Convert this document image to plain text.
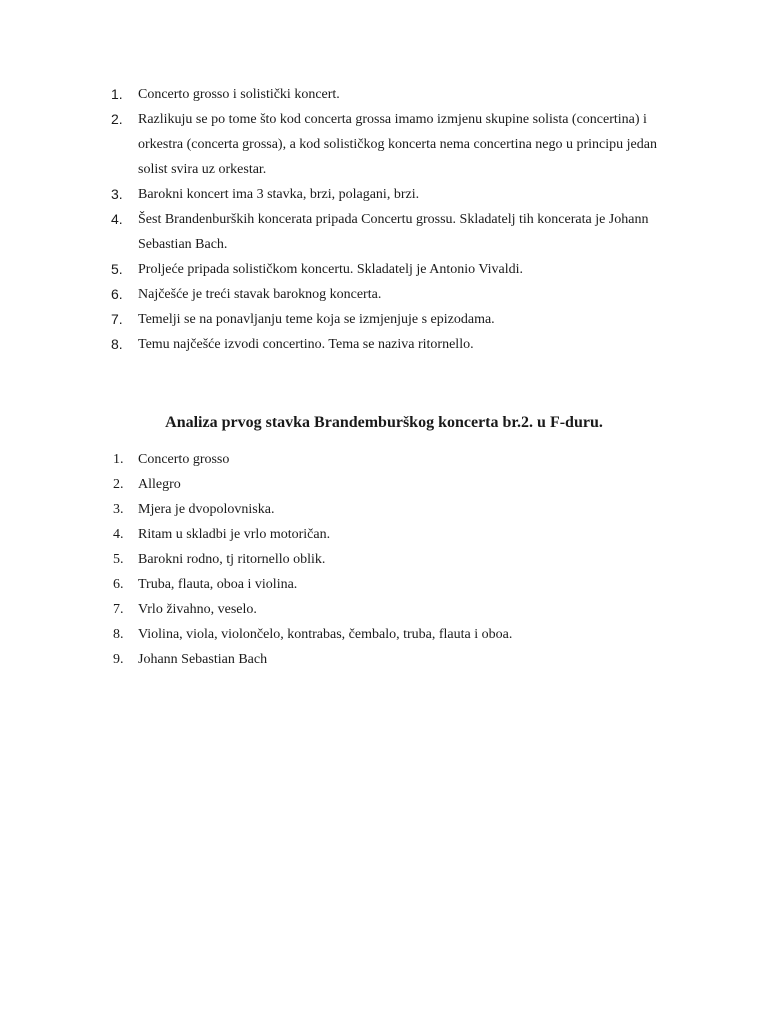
1. Concerto grosso i solistički koncert.
2. Razlikuju se po tome što kod concerta grossa imamo izmjenu skupine solista (concertina) i orkestra (concerta grossa), a kod solističkog koncerta nema concertina nego u principu jedan solist svira uz orkestar.
3. Barokni koncert ima 3 stavka, brzi, polagani, brzi.
4. Šest Brandenburških koncerata pripada Concertu grossu. Skladatelj tih koncerata je Johann Sebastian Bach.
5. Proljeće pripada solističkom koncertu. Skladatelj je Antonio Vivaldi.
6. Najčešće je treći stavak baroknog koncerta.
7. Temelji se na ponavljanju teme koja se izmjenjuje s epizodama.
8. Temu najčešće izvodi concertino. Tema se naziva ritornello.
Analiza prvog stavka Brandemburškog koncerta br.2. u F-duru.
1. Concerto grosso
2. Allegro
3. Mjera je dvopolovniska.
4. Ritam u skladbi je vrlo motoričan.
5. Barokni rodno, tj ritornello oblik.
6. Truba, flauta, oboa i violina.
7. Vrlo živahno, veselo.
8. Violina, viola, violončelo, kontrabas, čembalo, truba, flauta i oboa.
9. Johann Sebastian Bach
